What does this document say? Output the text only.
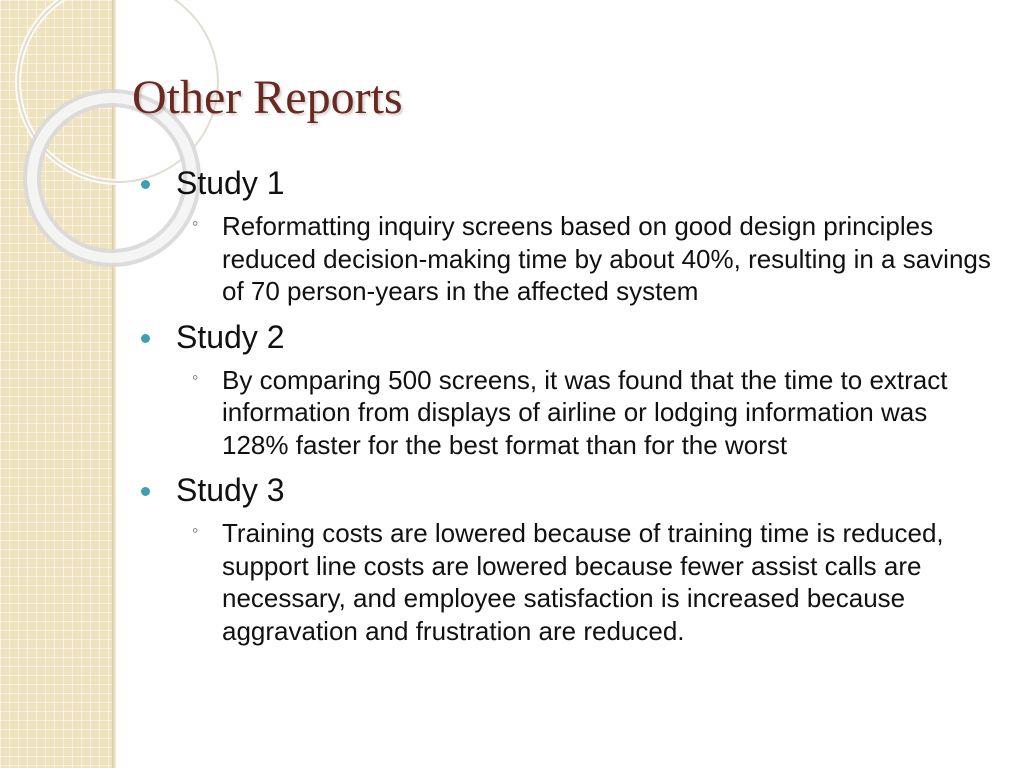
Other Reports
Study 1
◦ Reformatting inquiry screens based on good design principles reduced decision-making time by about 40%, resulting in a savings of 70 person-years in the affected system
Study 2
◦ By comparing 500 screens, it was found that the time to extract information from displays of airline or lodging information was 128% faster for the best format than for the worst
Study 3
◦ Training costs are lowered because of training time is reduced, support line costs are lowered because fewer assist calls are necessary, and employee satisfaction is increased because aggravation and frustration are reduced.
